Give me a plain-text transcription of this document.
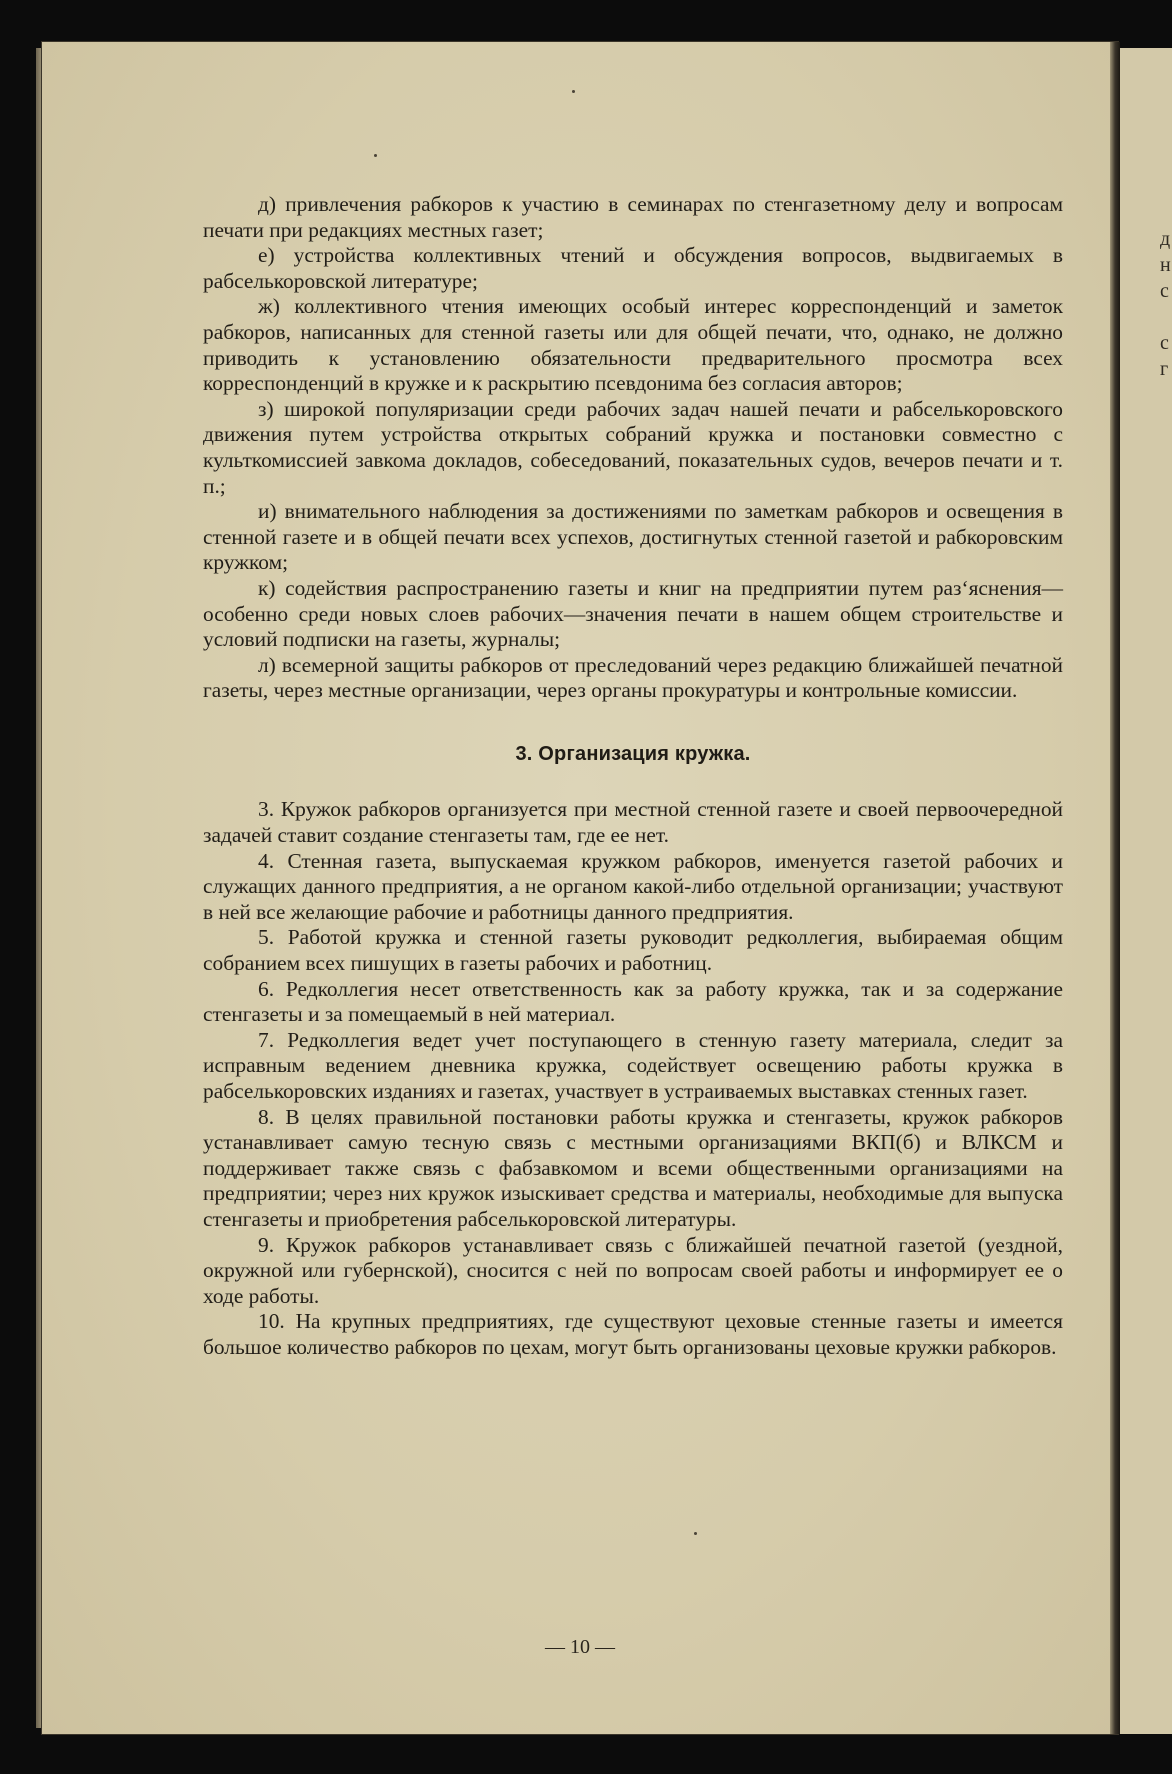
д) привлечения рабкоров к участию в семинарах по стенгазетному делу и вопросам печати при редакциях местных газет;

е) устройства коллективных чтений и обсуждения вопросов, выдвигаемых в рабселькоровской литературе;

ж) коллективного чтения имеющих особый интерес корреспонденций и заметок рабкоров, написанных для стенной газеты или для общей печати, что, однако, не должно приводить к установлению обязательности предварительного просмотра всех корреспонденций в кружке и к раскрытию псевдонима без согласия авторов;

з) широкой популяризации среди рабочих задач нашей печати и рабселькоровского движения путем устройства открытых собраний кружка и постановки совместно с культкомиссией завкома докладов, собеседований, показательных судов, вечеров печати и т. п.;

и) внимательного наблюдения за достижениями по заметкам рабкоров и освещения в стенной газете и в общей печати всех успехов, достигнутых стенной газетой и рабкоровским кружком;

к) содействия распространению газеты и книг на предприятии путем раз‘яснения—особенно среди новых слоев рабочих—значения печати в нашем общем строительстве и условий подписки на газеты, журналы;

л) всемерной защиты рабкоров от преследований через редакцию ближайшей печатной газеты, через местные организации, через органы прокуратуры и контрольные комиссии.

3. Организация кружка.

3. Кружок рабкоров организуется при местной стенной газете и своей первоочередной задачей ставит создание стенгазеты там, где ее нет.

4. Стенная газета, выпускаемая кружком рабкоров, именуется газетой рабочих и служащих данного предприятия, а не органом какой-либо отдельной организации; участвуют в ней все желающие рабочие и работницы данного предприятия.

5. Работой кружка и стенной газеты руководит редколлегия, выбираемая общим собранием всех пишущих в газеты рабочих и работниц.

6. Редколлегия несет ответственность как за работу кружка, так и за содержание стенгазеты и за помещаемый в ней материал.

7. Редколлегия ведет учет поступающего в стенную газету материала, следит за исправным ведением дневника кружка, содействует освещению работы кружка в рабселькоровских изданиях и газетах, участвует в устраиваемых выставках стенных газет.

8. В целях правильной постановки работы кружка и стенгазеты, кружок рабкоров устанавливает самую тесную связь с местными организациями ВКП(б) и ВЛКСМ и поддерживает также связь с фабзавкомом и всеми общественными организациями на предприятии; через них кружок изыскивает средства и материалы, необходимые для выпуска стенгазеты и приобретения рабселькоровской литературы.

9. Кружок рабкоров устанавливает связь с ближайшей печатной газетой (уездной, окружной или губернской), сносится с ней по вопросам своей работы и информирует ее о ходе работы.

10. На крупных предприятиях, где существуют цеховые стенные газеты и имеется большое количество рабкоров по цехам, могут быть организованы цеховые кружки рабкоров.

— 10 —
д
н
с
с
г
